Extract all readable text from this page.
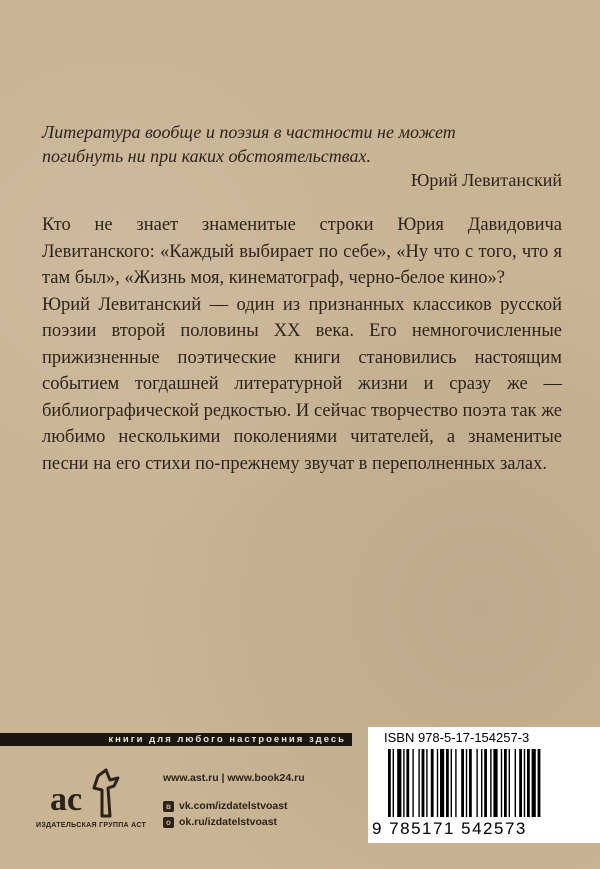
Литература вообще и поэзия в частности не может
погибнуть ни при каких обстоятельствах.
Юрий Левитанский

Кто не знает знаменитые строки Юрия Давидовича Левитанского: «Каждый выбирает по себе», «Ну что с того, что я там был», «Жизнь моя, кинематограф, черно-белое кино»?

Юрий Левитанский — один из признанных классиков русской поэзии второй половины XX века. Его немногочисленные прижизненные поэтические книги становились настоящим событием тогдашней литературной жизни и сразу же — библиографической редкостью. И сейчас творчество поэта так же любимо несколькими поколениями читателей, а знаменитые песни на его стихи по-прежнему звучат в переполненных залах.

книги для любого настроения здесь
ac
ИЗДАТЕЛЬСКАЯ ГРУППА АСТ
www.ast.ru | www.book24.ru
в vk.com/izdatelstvoast
о ok.ru/izdatelstvoast
ISBN 978-5-17-154257-3
9 785171 542573
